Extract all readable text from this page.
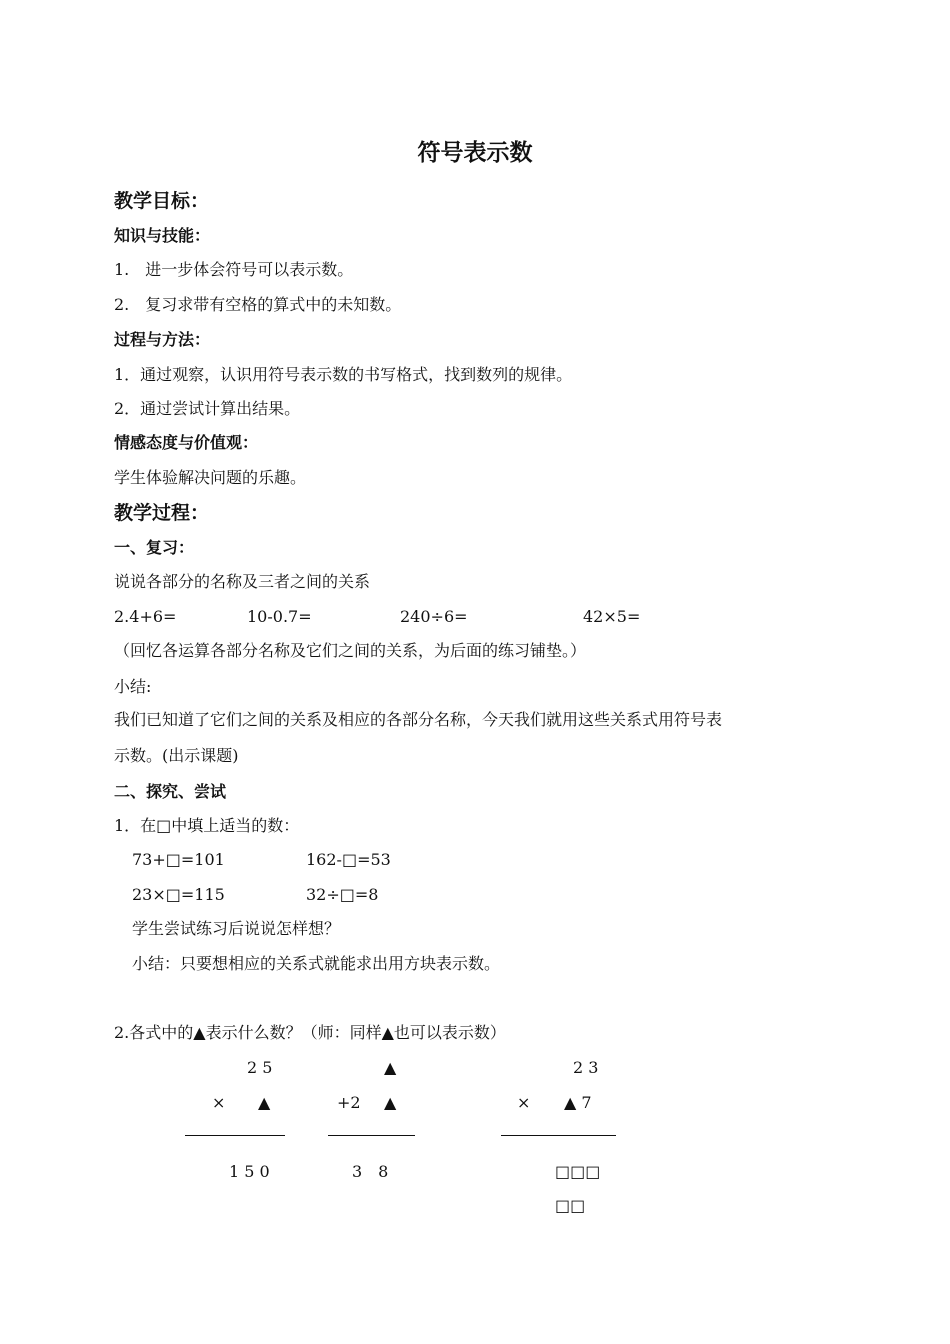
符号表示数
教学目标：
知识与技能：
1.　进一步体会符号可以表示数。
2.　复习求带有空格的算式中的未知数。
过程与方法：
1．通过观察，认识用符号表示数的书写格式，找到数列的规律。
2．通过尝试计算出结果。
情感态度与价值观：
学生体验解决问题的乐趣。
教学过程：
一、复习：
说说各部分的名称及三者之间的关系
2.4+6=	10-0.7=	240÷6=	42×5=
（回忆各运算各部分名称及它们之间的关系，为后面的练习铺垫。）
小结:
我们已知道了它们之间的关系及相应的各部分名称，今天我们就用这些关系式用符号表
示数。(出示课题)
二、探究、尝试
1．在□中填上适当的数：
73+□=101	162-□=53
23×□=115	32÷□=8
学生尝试练习后说说怎样想？
小结：只要想相应的关系式就能求出用方块表示数。
2.各式中的▲表示什么数？（师：同样▲也可以表示数）
2 5
× ▲
1 5 0
▲
+2 ▲
3　8
2 3
× ▲ 7
□□□
□□
